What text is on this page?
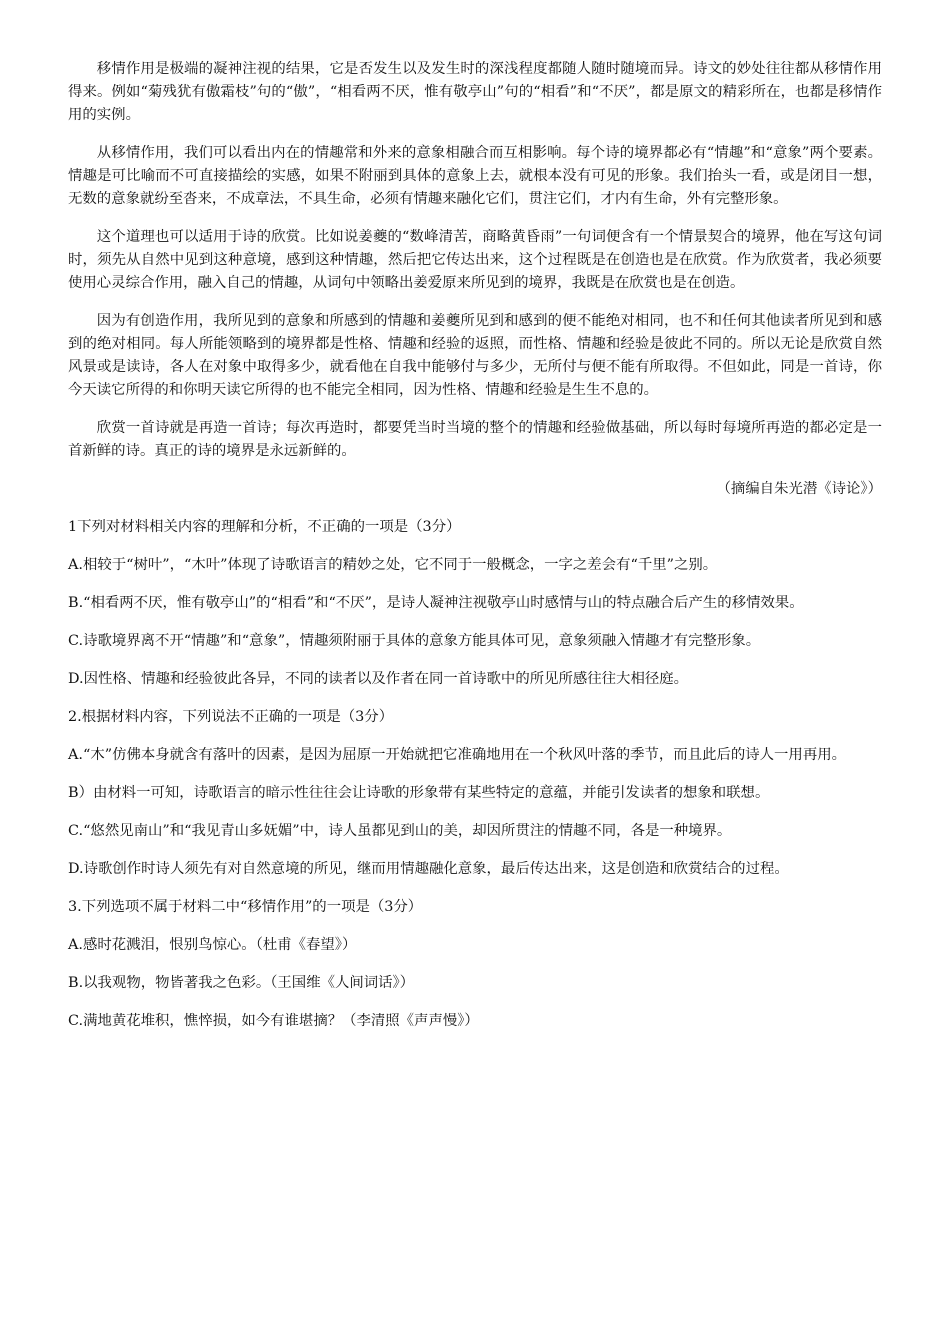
移情作用是极端的凝神注视的结果，它是否发生以及发生时的深浅程度都随人随时随境而异。诗文的妙处往往都从移情作用得来。例如“菊残犹有傲霜枝”句的“傲”，“相看两不厌，惟有敬亭山”句的“相看”和“不厌”，都是原文的精彩所在，也都是移情作用的实例。

从移情作用，我们可以看出内在的情趣常和外来的意象相融合而互相影响。每个诗的境界都必有“情趣”和“意象”两个要素。情趣是可比喻而不可直接描绘的实感，如果不附丽到具体的意象上去，就根本没有可见的形象。我们抬头一看，或是闭目一想，无数的意象就纷至沓来，不成章法，不具生命，必须有情趣来融化它们，贯注它们，才内有生命，外有完整形象。

这个道理也可以适用于诗的欣赏。比如说姜夔的“数峰清苦，商略黄昏雨”一句词便含有一个情景契合的境界，他在写这句词时，须先从自然中见到这种意境，感到这种情趣，然后把它传达出来，这个过程既是在创造也是在欣赏。作为欣赏者，我必须要使用心灵综合作用，融入自己的情趣，从词句中领略出姜爱原来所见到的境界，我既是在欣赏也是在创造。

因为有创造作用，我所见到的意象和所感到的情趣和姜夔所见到和感到的便不能绝对相同，也不和任何其他读者所见到和感到的绝对相同。每人所能领略到的境界都是性格、情趣和经验的返照，而性格、情趣和经验是彼此不同的。所以无论是欣赏自然风景或是读诗，各人在对象中取得多少，就看他在自我中能够付与多少，无所付与便不能有所取得。不但如此，同是一首诗，你今天读它所得的和你明天读它所得的也不能完全相同，因为性格、情趣和经验是生生不息的。

欣赏一首诗就是再造一首诗；每次再造时，都要凭当时当境的整个的情趣和经验做基础，所以每时每境所再造的都必定是一首新鲜的诗。真正的诗的境界是永远新鲜的。

（摘编自朱光潜《诗论》）

1下列对材料相关内容的理解和分析，不正确的一项是（3分）

A.相较于“树叶”，“木叶”体现了诗歌语言的精妙之处，它不同于一般概念，一字之差会有“千里”之别。

B.“相看两不厌，惟有敬亭山”的“相看”和“不厌”，是诗人凝神注视敬亭山时感情与山的特点融合后产生的移情效果。

C.诗歌境界离不开“情趣”和“意象”，情趣须附丽于具体的意象方能具体可见，意象须融入情趣才有完整形象。

D.因性格、情趣和经验彼此各异，不同的读者以及作者在同一首诗歌中的所见所感往往大相径庭。

2.根据材料内容，下列说法不正确的一项是（3分）

A.“木”仿佛本身就含有落叶的因素，是因为屈原一开始就把它准确地用在一个秋风叶落的季节，而且此后的诗人一用再用。

B）由材料一可知，诗歌语言的暗示性往往会让诗歌的形象带有某些特定的意蕴，并能引发读者的想象和联想。

C.“悠然见南山”和“我见青山多妩媚”中，诗人虽都见到山的美，却因所贯注的情趣不同，各是一种境界。

D.诗歌创作时诗人须先有对自然意境的所见，继而用情趣融化意象，最后传达出来，这是创造和欣赏结合的过程。

3.下列选项不属于材料二中“移情作用”的一项是（3分）

A.感时花溅泪，恨别鸟惊心。（杜甫《春望》）

B.以我观物，物皆著我之色彩。（王国维《人间词话》）

C.满地黄花堆积，憔悴损，如今有谁堪摘？（李清照《声声慢》）
